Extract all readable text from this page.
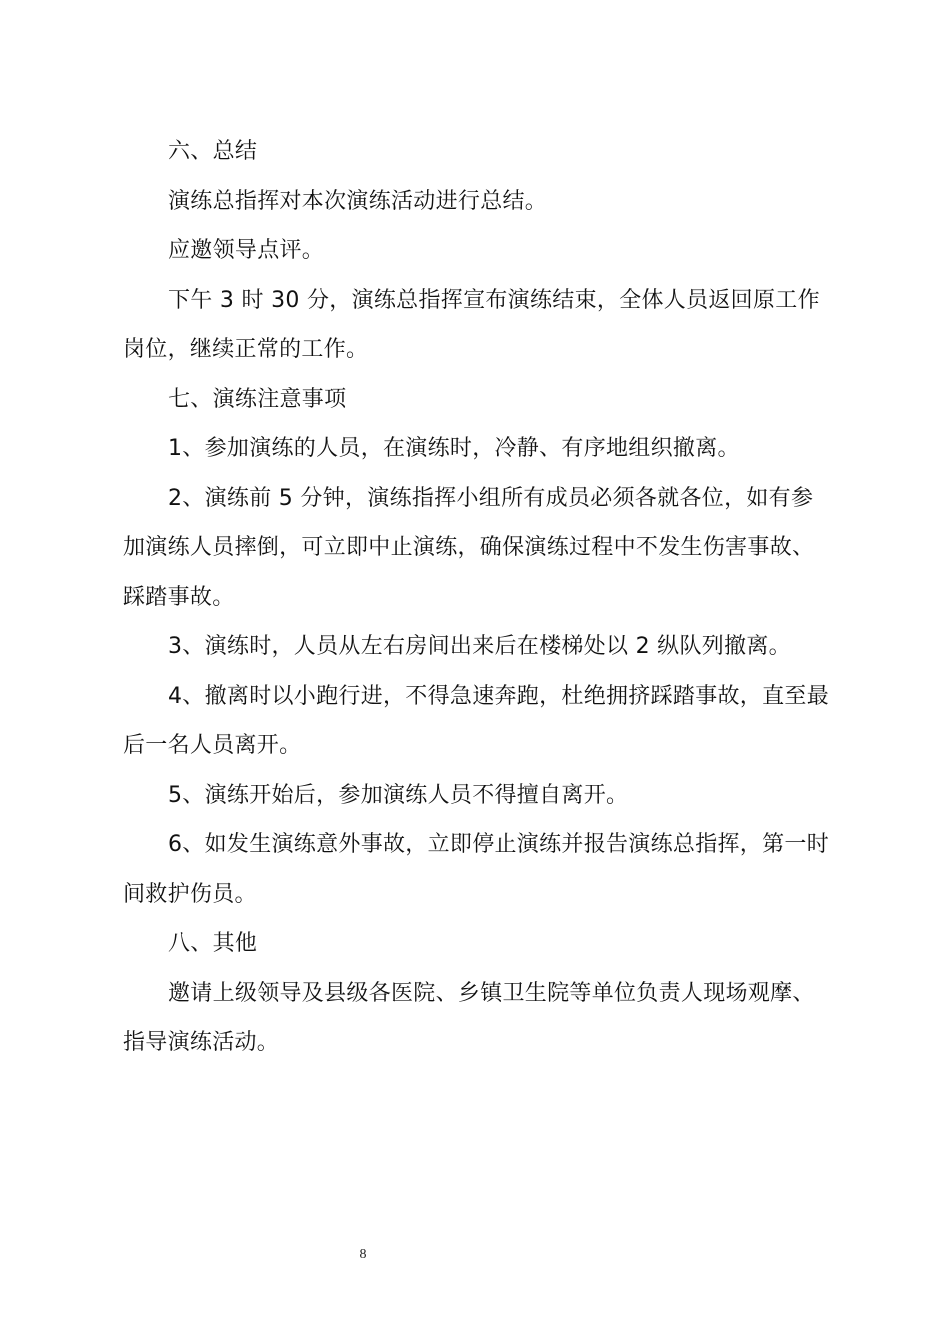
六、总结

演练总指挥对本次演练活动进行总结。

应邀领导点评。

下午 3 时 30 分，演练总指挥宣布演练结束，全体人员返回原工作岗位，继续正常的工作。

七、演练注意事项

1、参加演练的人员，在演练时，冷静、有序地组织撤离。

2、演练前 5 分钟，演练指挥小组所有成员必须各就各位，如有参加演练人员摔倒，可立即中止演练，确保演练过程中不发生伤害事故、踩踏事故。

3、演练时，人员从左右房间出来后在楼梯处以 2 纵队列撤离。

4、撤离时以小跑行进，不得急速奔跑，杜绝拥挤踩踏事故，直至最后一名人员离开。

5、演练开始后，参加演练人员不得擅自离开。

6、如发生演练意外事故，立即停止演练并报告演练总指挥，第一时间救护伤员。

八、其他

邀请上级领导及县级各医院、乡镇卫生院等单位负责人现场观摩、指导演练活动。

8
